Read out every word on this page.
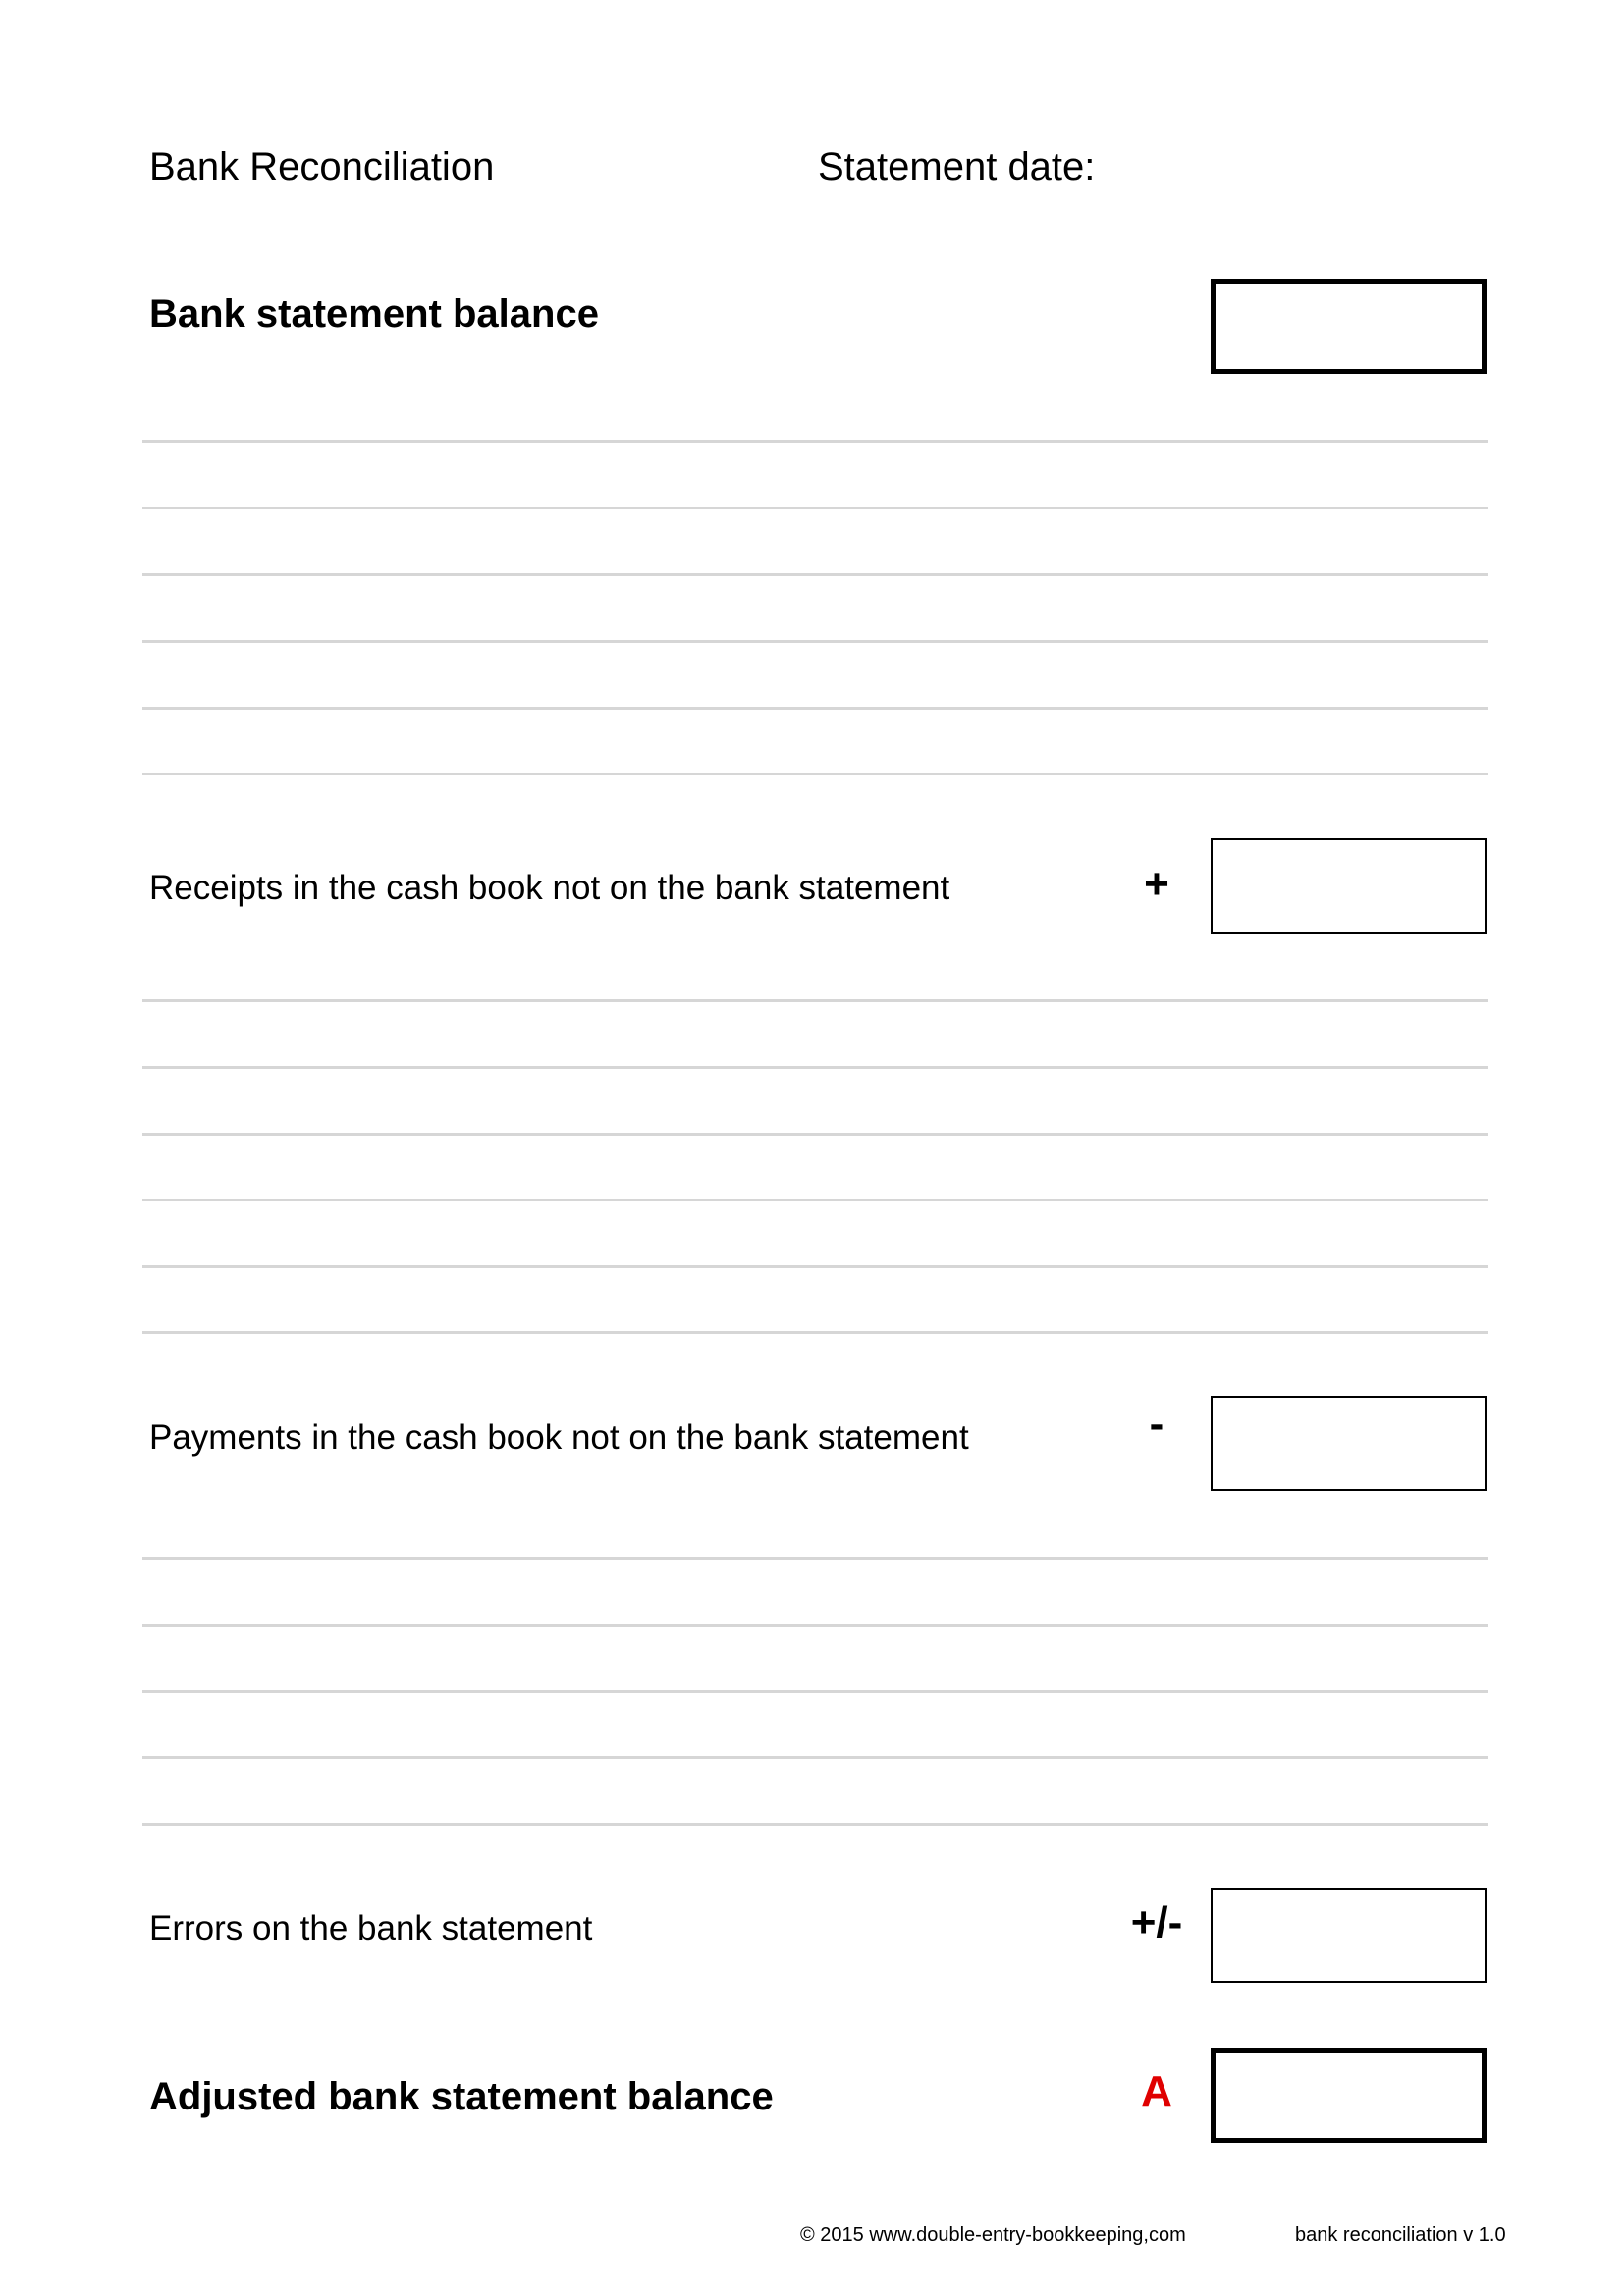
Bank Reconciliation	Statement date:
Bank statement balance
Receipts in the cash book not on the bank statement	+
Payments in the cash book not on the bank statement	-
Errors on the bank statement	+/-
Adjusted bank statement balance	A
© 2015 www.double-entry-bookkeeping,com	bank reconciliation v 1.0
